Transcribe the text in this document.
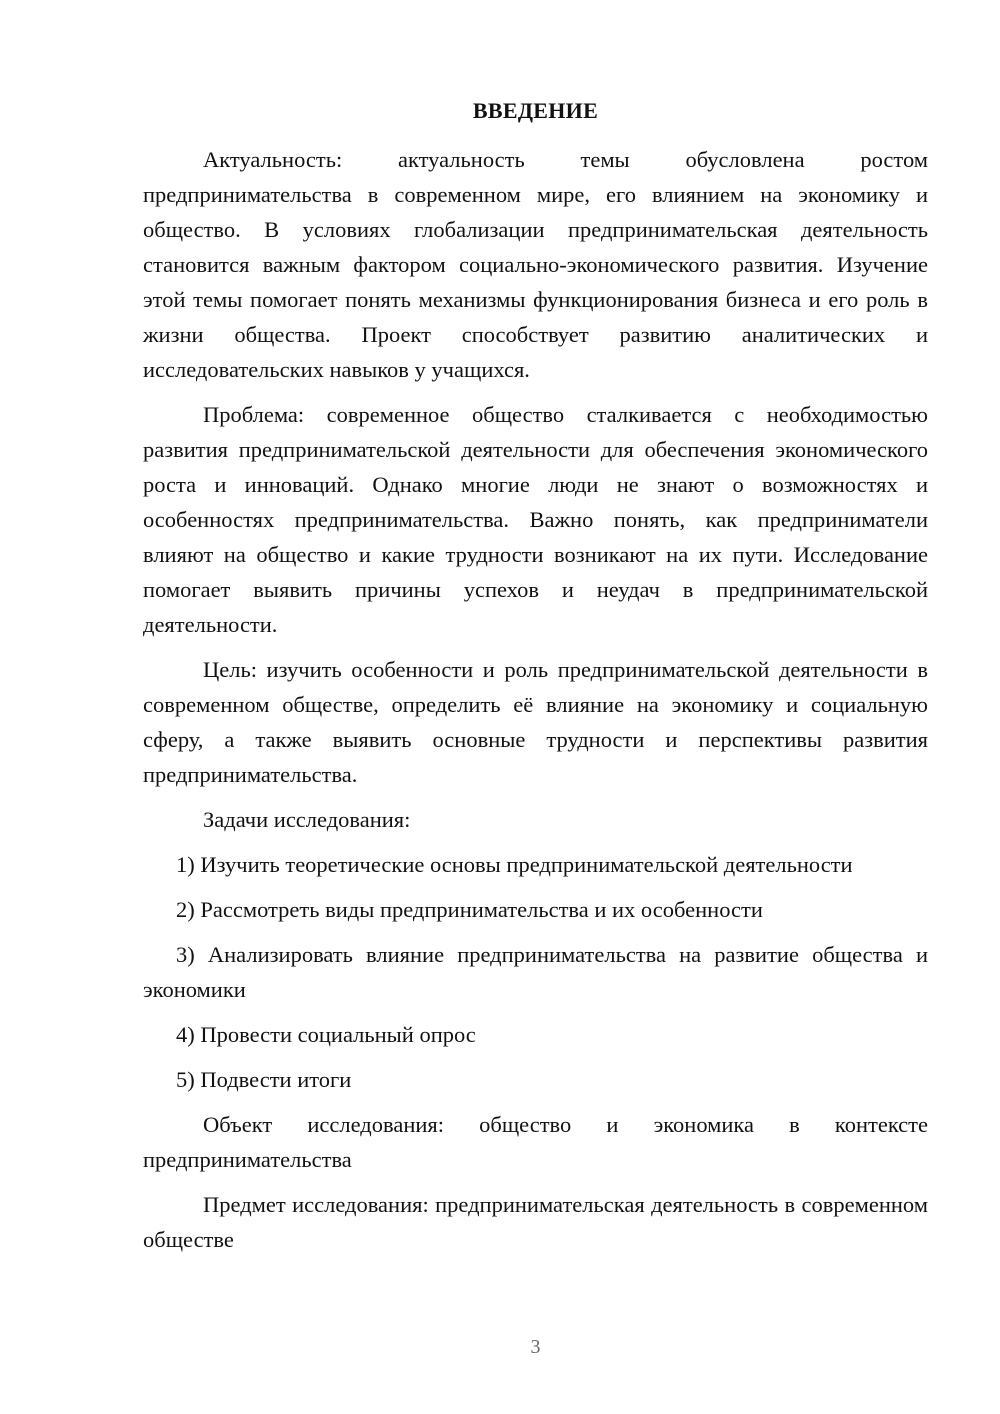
ВВЕДЕНИЕ

Актуальность: актуальность темы обусловлена ростом предпринимательства в современном мире, его влиянием на экономику и общество. В условиях глобализации предпринимательская деятельность становится важным фактором социально-экономического развития. Изучение этой темы помогает понять механизмы функционирования бизнеса и его роль в жизни общества. Проект способствует развитию аналитических и исследовательских навыков у учащихся.

Проблема: современное общество сталкивается с необходимостью развития предпринимательской деятельности для обеспечения экономического роста и инноваций. Однако многие люди не знают о возможностях и особенностях предпринимательства. Важно понять, как предприниматели влияют на общество и какие трудности возникают на их пути. Исследование помогает выявить причины успехов и неудач в предпринимательской деятельности.

Цель: изучить особенности и роль предпринимательской деятельности в современном обществе, определить её влияние на экономику и социальную сферу, а также выявить основные трудности и перспективы развития предпринимательства.

Задачи исследования:

1) Изучить теоретические основы предпринимательской деятельности

2) Рассмотреть виды предпринимательства и их особенности

3) Анализировать влияние предпринимательства на развитие общества и экономики

4) Провести социальный опрос

5) Подвести итоги

Объект исследования: общество и экономика в контексте предпринимательства

Предмет исследования: предпринимательская деятельность в современном обществе

3
